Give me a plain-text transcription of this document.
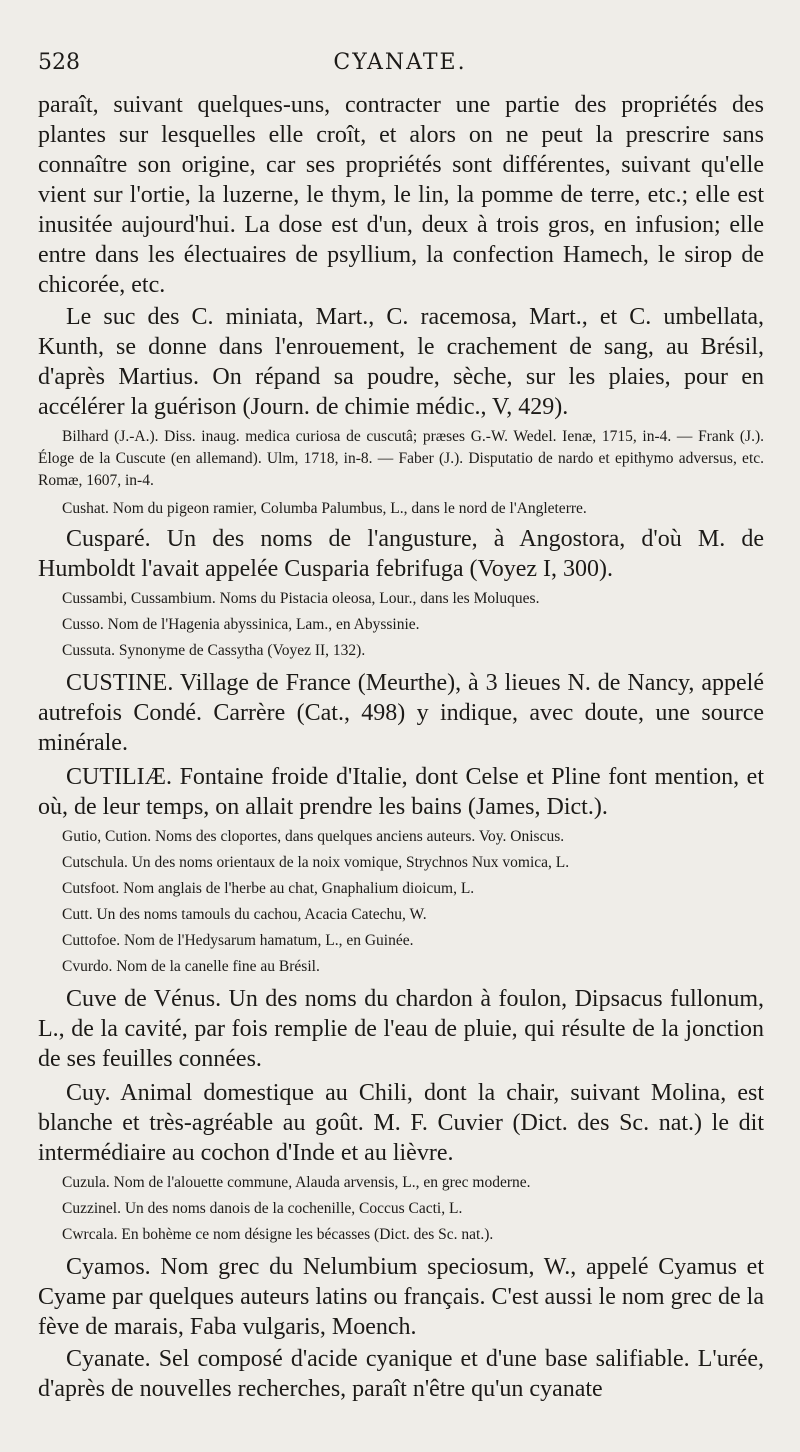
528	CYANATE.

paraît, suivant quelques-uns, contracter une partie des propriétés des plantes sur lesquelles elle croît, et alors on ne peut la prescrire sans connaître son origine, car ses propriétés sont différentes, suivant qu'elle vient sur l'ortie, la luzerne, le thym, le lin, la pomme de terre, etc.; elle est inusitée aujourd'hui. La dose est d'un, deux à trois gros, en infusion; elle entre dans les électuaires de psyllium, la confection Hamech, le sirop de chicorée, etc.

Le suc des C. miniata, Mart., C. racemosa, Mart., et C. umbellata, Kunth, se donne dans l'enrouement, le crachement de sang, au Brésil, d'après Martius. On répand sa poudre, sèche, sur les plaies, pour en accélérer la guérison (Journ. de chimie médic., V, 429).

Bilhard (J.-A.). Diss. inaug. medica curiosa de cuscutâ; præses G.-W. Wedel. Ienæ, 1715, in-4. — Frank (J.). Éloge de la Cuscute (en allemand). Ulm, 1718, in-8. — Faber (J.). Disputatio de nardo et epithymo adversus, etc. Romæ, 1607, in-4.

Cushat. Nom du pigeon ramier, Columba Palumbus, L., dans le nord de l'Angleterre.

Cusparé. Un des noms de l'angusture, à Angostora, d'où M. de Humboldt l'avait appelée Cusparia febrifuga (Voyez I, 300).

Cussambi, Cussambium. Noms du Pistacia oleosa, Lour., dans les Moluques.

Cusso. Nom de l'Hagenia abyssinica, Lam., en Abyssinie.

Cussuta. Synonyme de Cassytha (Voyez II, 132).

CUSTINE. Village de France (Meurthe), à 3 lieues N. de Nancy, appelé autrefois Condé. Carrère (Cat., 498) y indique, avec doute, une source minérale.

CUTILIÆ. Fontaine froide d'Italie, dont Celse et Pline font mention, et où, de leur temps, on allait prendre les bains (James, Dict.).

Gutio, Cution. Noms des cloportes, dans quelques anciens auteurs. Voy. Oniscus.

Cutschula. Un des noms orientaux de la noix vomique, Strychnos Nux vomica, L.

Cutsfoot. Nom anglais de l'herbe au chat, Gnaphalium dioicum, L.

Cutt. Un des noms tamouls du cachou, Acacia Catechu, W.

Cuttofoe. Nom de l'Hedysarum hamatum, L., en Guinée.

Cvurdo. Nom de la canelle fine au Brésil.

Cuve de Vénus. Un des noms du chardon à foulon, Dipsacus fullonum, L., de la cavité, par fois remplie de l'eau de pluie, qui résulte de la jonction de ses feuilles connées.

Cuy. Animal domestique au Chili, dont la chair, suivant Molina, est blanche et très-agréable au goût. M. F. Cuvier (Dict. des Sc. nat.) le dit intermédiaire au cochon d'Inde et au lièvre.

Cuzula. Nom de l'alouette commune, Alauda arvensis, L., en grec moderne.

Cuzzinel. Un des noms danois de la cochenille, Coccus Cacti, L.

Cwrcala. En bohème ce nom désigne les bécasses (Dict. des Sc. nat.).

Cyamos. Nom grec du Nelumbium speciosum, W., appelé Cyamus et Cyame par quelques auteurs latins ou français. C'est aussi le nom grec de la fève de marais, Faba vulgaris, Moench.

Cyanate. Sel composé d'acide cyanique et d'une base salifiable. L'urée, d'après de nouvelles recherches, paraît n'être qu'un cyanate
